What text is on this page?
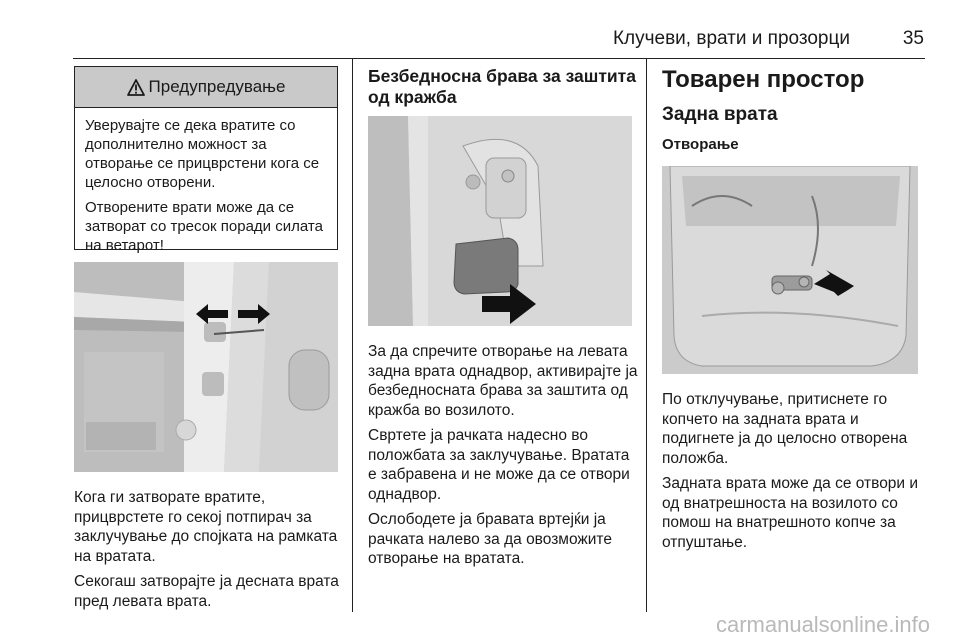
Клучеви, врати и прозорци	35
Предупредување

Уверувајте се дека вратите со дополнително можност за отворање се прицврстени кога се целосно отворени.

Отворените врати може да се затворат со тресок поради силата на ветарот!

Кога ги затворате вратите, прицврстете го секој потпирач за заклучување до спојката на рамката на вратата.

Секогаш затворајте ја десната врата пред левата врата.

Безбедносна брава за заштита од кражба

За да спречите отворање на левата задна врата однадвор, активирајте ја безбедносната брава за заштита од кражба во возилото.

Свртете ја рачката надесно во положбата за заклучување. Вратата е забравена и не може да се отвори однадвор.

Ослободете ја бравата вртејќи ја рачката налево за да овозможите отворање на вратата.

Товарен простор
Задна врата
Отворање

По отклучување, притиснете го копчето на задната врата и подигнете ја до целосно отворена положба.

Задната врата може да се отвори и од внатрешноста на возилото со помош на внатрешното копче за отпуштање.

carmanualsonline.info
